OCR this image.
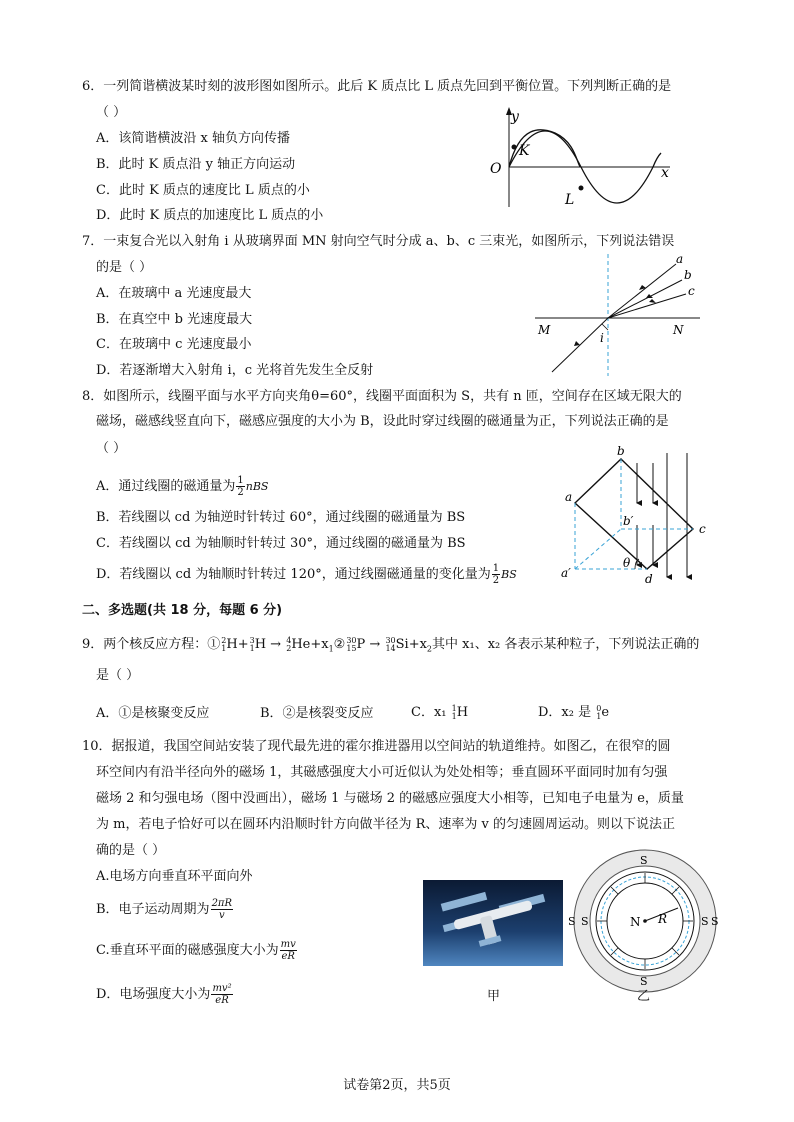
6．一列简谐横波某时刻的波形图如图所示。此后 K 质点比 L 质点先回到平衡位置。下列判断正确的是
（ ）
A．该简谐横波沿 x 轴负方向传播
B．此时 K 质点沿 y 轴正方向运动
C．此时 K 质点的速度比 L 质点的小
D．此时 K 质点的加速度比 L 质点的小
y
O
K
x
L
7．一束复合光以入射角 i 从玻璃界面 MN 射向空气时分成 a、b、c 三束光，如图所示，下列说法错误
的是（ ）
A．在玻璃中 a 光速度最大
B．在真空中 b 光速度最大
C．在玻璃中 c 光速度最小
D．若逐渐增大入射角 i，c 光将首先发生全反射
a
b
c
M	N
i
8．如图所示，线圈平面与水平方向夹角θ=60°，线圈平面面积为 S，共有 n 匝，空间存在区域无限大的
磁场，磁感线竖直向下，磁感应强度的大小为 B，设此时穿过线圈的磁通量为正，下列说法正确的是
（ ）
A．通过线圈的磁通量为 $\frac{1}{2}$ nBS
B．若线圈以 cd 为轴逆时针转过 60°，通过线圈的磁通量为 BS
C．若线圈以 cd 为轴顺时针转过 30°，通过线圈的磁通量为 BS
D．若线圈以 cd 为轴顺时针转过 120°，通过线圈磁通量的变化量为 $\frac{1}{2}$ BS
a
b
b′
c
a′
θ
d
二、多选题(共 18 分，每题 6 分)
9．两个核反应方程：① 2
1 H+ 3
1 H → 4
2 $He+x_1②$ 30
15 P → 30
14 $Si+x_2$其中 x₁、x₂ 各表示某种粒子，下列说法正确的
是（ ）
A．①是核聚变反应	B．②是核裂变反应	C．x₁ 1
1 H	D．x₂ 是 0
1 e
10．据报道，我国空间站安装了现代最先进的霍尔推进器用以空间站的轨道维持。如图乙，在很窄的圆
环空间内有沿半径向外的磁场 1，其磁感强度大小可近似认为处处相等；垂直圆环平面同时加有匀强
磁场 2 和匀强电场（图中没画出），磁场 1 与磁场 2 的磁感应强度大小相等，已知电子电量为 e，质量
为 m，若电子恰好可以在圆环内沿顺时针方向做半径为 R、速率为 v 的匀速圆周运动。则以下说法正
确的是（ ）
A.电场方向垂直环平面向外
B．电子运动周期为 $\frac{2\pi R}{v}$
C.垂直环平面的磁感强度大小为 $\frac{mv}{eR}$
D．电场强度大小为 $\frac{\text{mv²}}{eR}$	甲
S
S
S	S
S	S
N R
乙
试卷第2页，共5页
